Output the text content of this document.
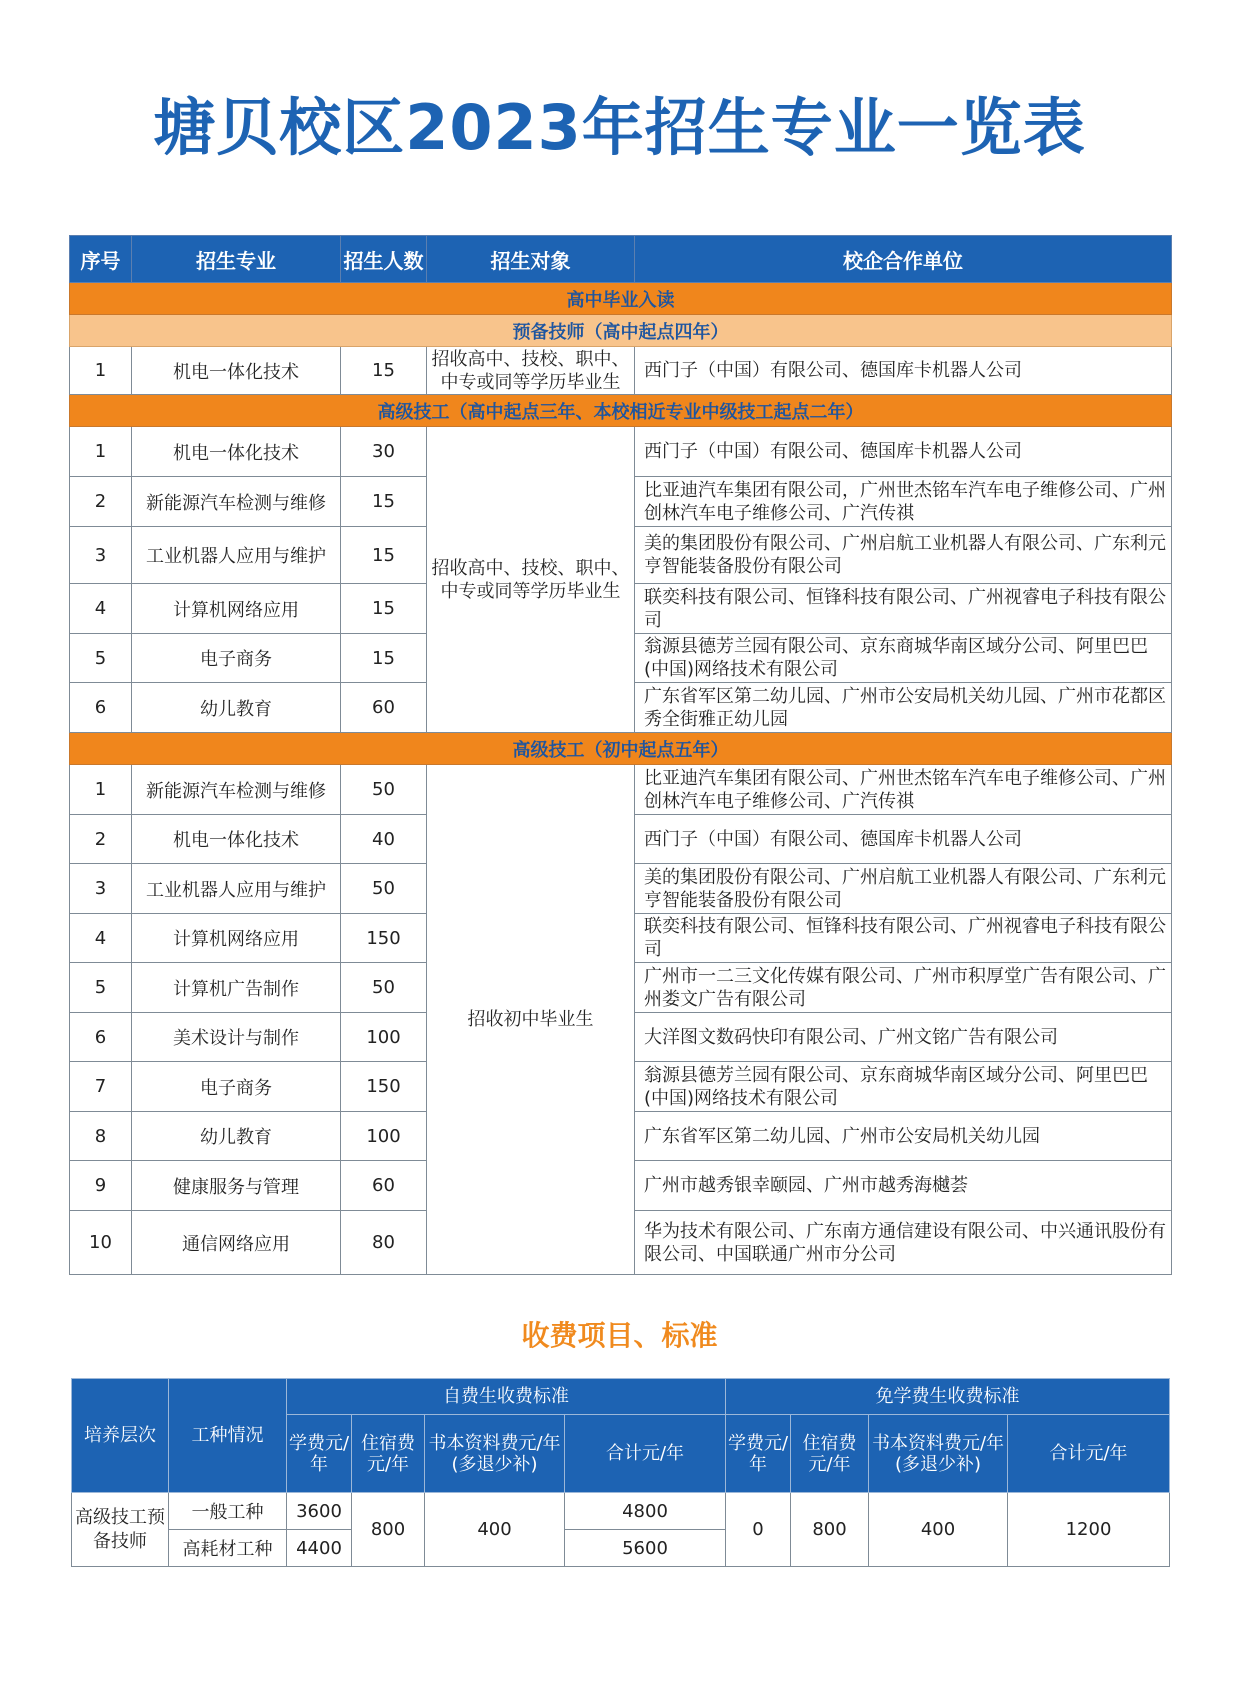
塘贝校区2023年招生专业一览表
序号	招生专业	招生人数	招生对象	校企合作单位
高中毕业入读				
预备技师（高中起点四年）				
1	机电一体化技术	15	招收高中、技校、职中、中专或同等学历毕业生	西门子（中国）有限公司、德国库卡机器人公司
高级技工（高中起点三年、本校相近专业中级技工起点二年）				
1	机电一体化技术	30	招收高中、技校、职中、中专或同等学历毕业生	西门子（中国）有限公司、德国库卡机器人公司
2	新能源汽车检测与维修	15		比亚迪汽车集团有限公司，广州世杰铭车汽车电子维修公司、广州创林汽车电子维修公司、广汽传祺
3	工业机器人应用与维护	15		美的集团股份有限公司、广州启航工业机器人有限公司、广东利元亨智能装备股份有限公司
4	计算机网络应用	15		联奕科技有限公司、恒锋科技有限公司、广州视睿电子科技有限公司
5	电子商务	15		翁源县德芳兰园有限公司、京东商城华南区域分公司、阿里巴巴(中国)网络技术有限公司
6	幼儿教育	60		广东省军区第二幼儿园、广州市公安局机关幼儿园、广州市花都区秀全街雅正幼儿园
高级技工（初中起点五年）				
1	新能源汽车检测与维修	50	招收初中毕业生	比亚迪汽车集团有限公司、广州世杰铭车汽车电子维修公司、广州创林汽车电子维修公司、广汽传祺
2	机电一体化技术	40		西门子（中国）有限公司、德国库卡机器人公司
3	工业机器人应用与维护	50		美的集团股份有限公司、广州启航工业机器人有限公司、广东利元亨智能装备股份有限公司
4	计算机网络应用	150		联奕科技有限公司、恒锋科技有限公司、广州视睿电子科技有限公司
5	计算机广告制作	50		广州市一二三文化传媒有限公司、广州市积厚堂广告有限公司、广州娄文广告有限公司
6	美术设计与制作	100		大洋图文数码快印有限公司、广州文铭广告有限公司
7	电子商务	150		翁源县德芳兰园有限公司、京东商城华南区域分公司、阿里巴巴(中国)网络技术有限公司
8	幼儿教育	100		广东省军区第二幼儿园、广州市公安局机关幼儿园
9	健康服务与管理	60		广州市越秀银幸颐园、广州市越秀海樾荟
10	通信网络应用	80		华为技术有限公司、广东南方通信建设有限公司、中兴通讯股份有限公司、中国联通广州市分公司
收费项目、标准
培养层次	工种情况	自费生收费标准				免学费生收费标准			
		学费元/年	住宿费元/年	书本资料费元/年(多退少补)	合计元/年	学费元/年	住宿费元/年	书本资料费元/年(多退少补)	合计元/年
高级技工预备技师	一般工种	3600	800	400	4800	0	800	400	1200
	高耗材工种	4400			5600				
